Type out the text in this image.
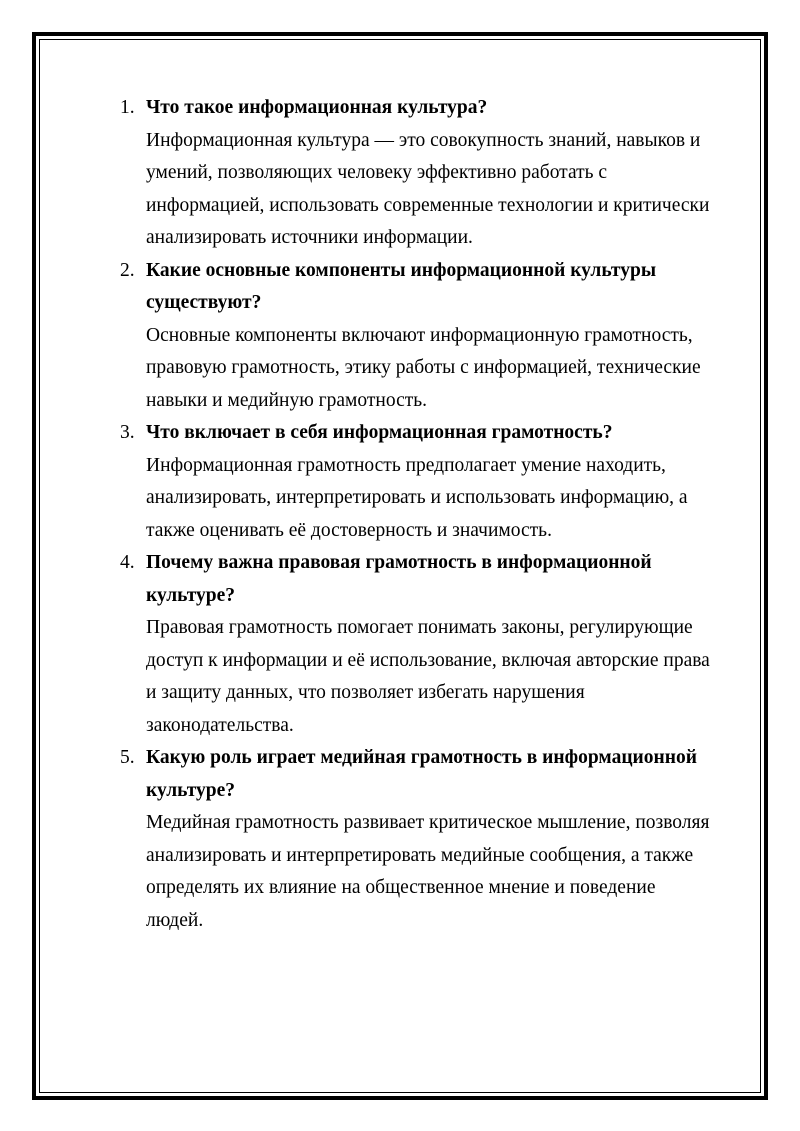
1. Что такое информационная культура?

Информационная культура — это совокупность знаний, навыков и умений, позволяющих человеку эффективно работать с информацией, использовать современные технологии и критически анализировать источники информации.

2. Какие основные компоненты информационной культуры существуют?

Основные компоненты включают информационную грамотность, правовую грамотность, этику работы с информацией, технические навыки и медийную грамотность.

3. Что включает в себя информационная грамотность?

Информационная грамотность предполагает умение находить, анализировать, интерпретировать и использовать информацию, а также оценивать её достоверность и значимость.

4. Почему важна правовая грамотность в информационной культуре?

Правовая грамотность помогает понимать законы, регулирующие доступ к информации и её использование, включая авторские права и защиту данных, что позволяет избегать нарушения законодательства.

5. Какую роль играет медийная грамотность в информационной культуре?

Медийная грамотность развивает критическое мышление, позволяя анализировать и интерпретировать медийные сообщения, а также определять их влияние на общественное мнение и поведение людей.
